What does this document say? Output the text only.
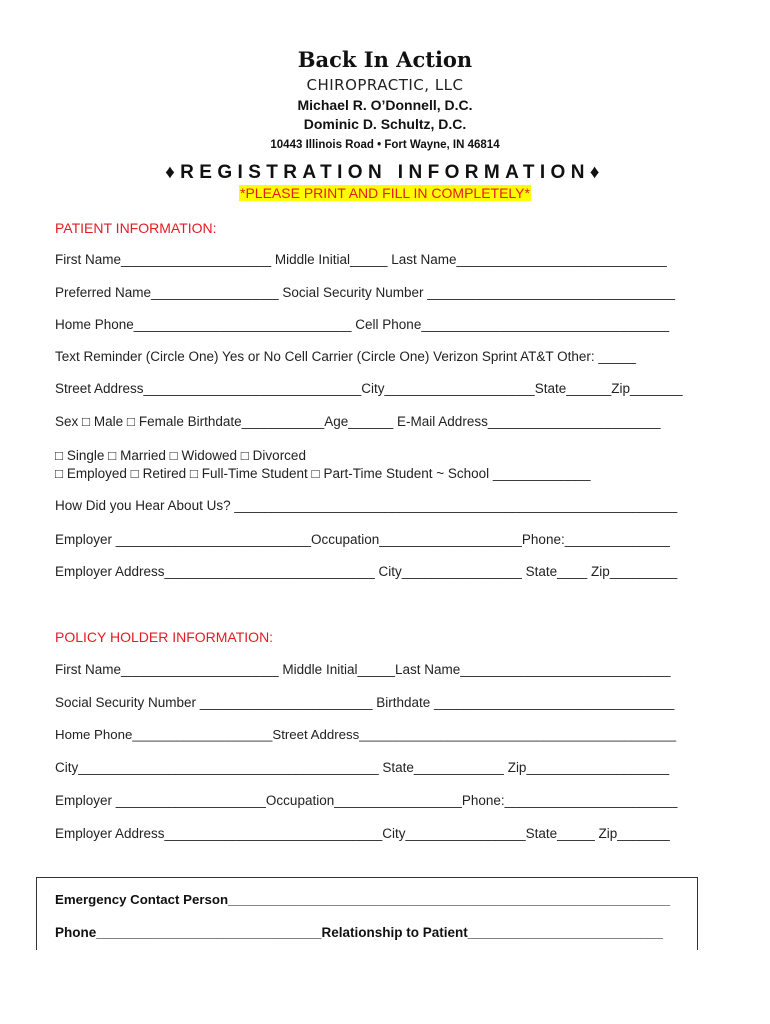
Back In Action
CHIROPRACTIC, LLC
Michael R. O’Donnell, D.C.
Dominic D. Schultz, D.C.
10443 Illinois Road • Fort Wayne, IN 46814
♦REGISTRATION INFORMATION♦
*PLEASE PRINT AND FILL IN COMPLETELY*
PATIENT INFORMATION:
First Name____________________ Middle Initial_____ Last Name____________________________
Preferred Name_________________ Social Security Number _________________________________
Home Phone_____________________________ Cell Phone_________________________________
Text Reminder (Circle One) Yes or No Cell Carrier (Circle One) Verizon Sprint AT&T Other: _____
Street Address_____________________________City____________________State______Zip_______
Sex □ Male □ Female Birthdate___________Age______ E-Mail Address_______________________
□ Single □ Married □ Widowed □ Divorced
□ Employed □ Retired □ Full-Time Student □ Part-Time Student ~ School _____________
How Did you Hear About Us? ___________________________________________________________
Employer __________________________Occupation___________________Phone:______________
Employer Address____________________________ City________________ State____ Zip_________
POLICY HOLDER INFORMATION:
First Name_____________________ Middle Initial_____Last Name____________________________
Social Security Number _______________________ Birthdate ________________________________
Home Phone___________________Street Address___________________________________________
City________________________________________ State____________ Zip___________________
Employer ____________________Occupation_________________Phone:_______________________
Employer Address_____________________________City________________State_____ Zip_______
Emergency Contact Person____________________________________________________________
Phone______________________________Relationship to Patient__________________________
